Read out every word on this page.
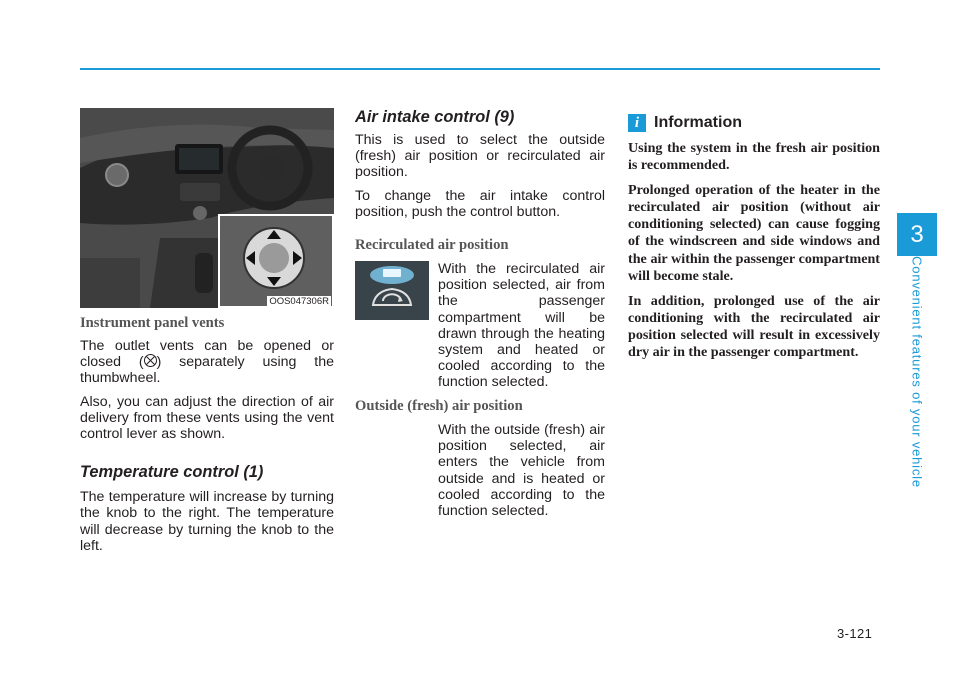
3
Convenient features of your vehicle
OOS047306R

Instrument panel vents

The outlet vents can be opened or closed ( ) separately using the thumbwheel.

Also, you can adjust the direction of air delivery from these vents using the vent control lever as shown.

Temperature control (1)

The temperature will increase by turning the knob to the right. The temperature will decrease by turning the knob to the left.

Air intake control (9)

This is used to select the outside (fresh) air position or recirculated air position.

To change the air intake control position, push the control button.

Recirculated air position

With the recirculated air position selected, air from the passenger compartment will be drawn through the heating system and heated or cooled according to the function selected.

Outside (fresh) air position

With the outside (fresh) air position selected, air enters the vehicle from outside and is heated or cooled according to the function selected.

i Information

Using the system in the fresh air position is recommended.

Prolonged operation of the heater in the recirculated air position (without air conditioning selected) can cause fogging of the windscreen and side windows and the air within the passenger compartment will become stale.

In addition, prolonged use of the air conditioning with the recirculated air position selected will result in excessively dry air in the passenger compartment.

3-121
